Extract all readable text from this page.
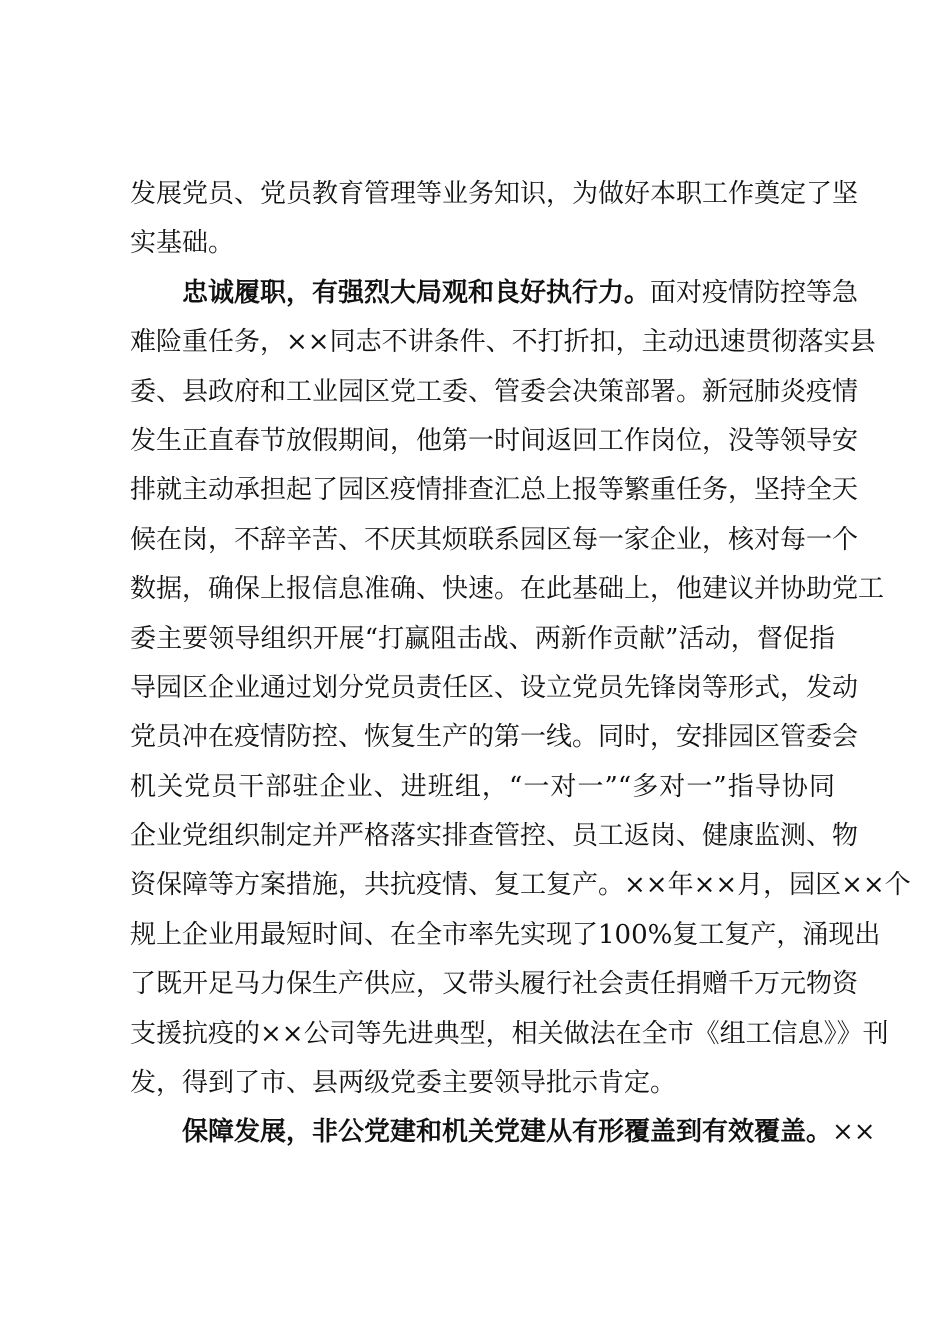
发展党员、党员教育管理等业务知识，为做好本职工作奠定了坚
实基础。
忠诚履职，有强烈大局观和良好执行力。面对疫情防控等急
难险重任务，××同志不讲条件、不打折扣，主动迅速贯彻落实县
委、县政府和工业园区党工委、管委会决策部署。新冠肺炎疫情
发生正直春节放假期间，他第一时间返回工作岗位，没等领导安
排就主动承担起了园区疫情排查汇总上报等繁重任务，坚持全天
候在岗，不辞辛苦、不厌其烦联系园区每一家企业，核对每一个
数据，确保上报信息准确、快速。在此基础上，他建议并协助党工
委主要领导组织开展“打赢阻击战、两新作贡献”活动，督促指
导园区企业通过划分党员责任区、设立党员先锋岗等形式，发动
党员冲在疫情防控、恢复生产的第一线。同时，安排园区管委会
机关党员干部驻企业、进班组，“一对一”“多对一”指导协同
企业党组织制定并严格落实排查管控、员工返岗、健康监测、物
资保障等方案措施，共抗疫情、复工复产。××年××月，园区××个
规上企业用最短时间、在全市率先实现了100%复工复产，涌现出
了既开足马力保生产供应，又带头履行社会责任捐赠千万元物资
支援抗疫的××公司等先进典型，相关做法在全市《组工信息》》刊
发，得到了市、县两级党委主要领导批示肯定。
保障发展，非公党建和机关党建从有形覆盖到有效覆盖。××
